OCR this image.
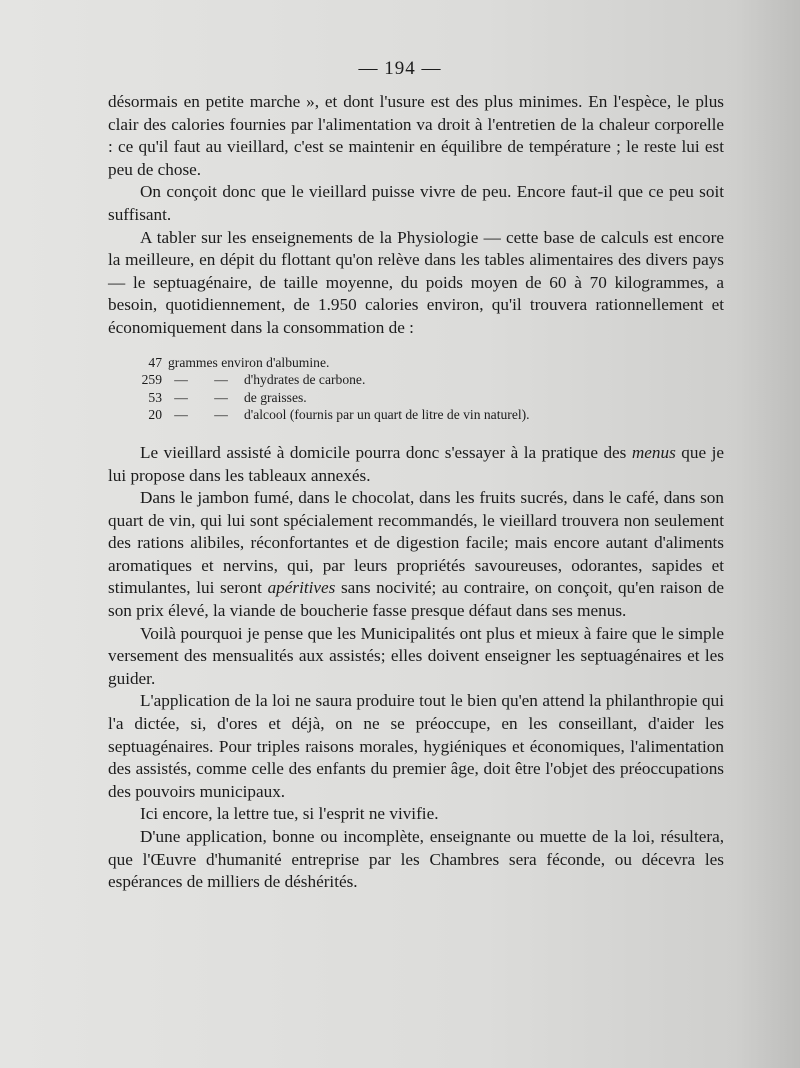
— 194 —

désormais en petite marche », et dont l'usure est des plus minimes. En l'espèce, le plus clair des calories fournies par l'alimentation va droit à l'entretien de la chaleur corporelle : ce qu'il faut au vieillard, c'est se maintenir en équilibre de température ; le reste lui est peu de chose.

On conçoit donc que le vieillard puisse vivre de peu. Encore faut-il que ce peu soit suffisant.

A tabler sur les enseignements de la Physiologie — cette base de calculs est encore la meilleure, en dépit du flottant qu'on relève dans les tables alimentaires des divers pays — le septuagénaire, de taille moyenne, du poids moyen de 60 à 70 kilogrammes, a besoin, quotidiennement, de 1.950 calories environ, qu'il trouvera rationnellement et économiquement dans la consommation de :

47 grammes environ d'albumine.
259 —	—	d'hydrates de carbone.
53 —	—	de graisses.
20 —	—	d'alcool (fournis par un quart de litre de vin naturel).

Le vieillard assisté à domicile pourra donc s'essayer à la pratique des menus que je lui propose dans les tableaux annexés.

Dans le jambon fumé, dans le chocolat, dans les fruits sucrés, dans le café, dans son quart de vin, qui lui sont spécialement recommandés, le vieillard trouvera non seulement des rations alibiles, réconfortantes et de digestion facile; mais encore autant d'aliments aromatiques et nervins, qui, par leurs propriétés savoureuses, odorantes, sapides et stimulantes, lui seront apéritives sans nocivité; au contraire, on conçoit, qu'en raison de son prix élevé, la viande de boucherie fasse presque défaut dans ses menus.

Voilà pourquoi je pense que les Municipalités ont plus et mieux à faire que le simple versement des mensualités aux assistés; elles doivent enseigner les septuagénaires et les guider.

L'application de la loi ne saura produire tout le bien qu'en attend la philanthropie qui l'a dictée, si, d'ores et déjà, on ne se préoccupe, en les conseillant, d'aider les septuagénaires. Pour triples raisons morales, hygiéniques et économiques, l'alimentation des assistés, comme celle des enfants du premier âge, doit être l'objet des préoccupations des pouvoirs municipaux.

Ici encore, la lettre tue, si l'esprit ne vivifie.

D'une application, bonne ou incomplète, enseignante ou muette de la loi, résultera, que l'Œuvre d'humanité entreprise par les Chambres sera féconde, ou décevra les espérances de milliers de déshérités.
